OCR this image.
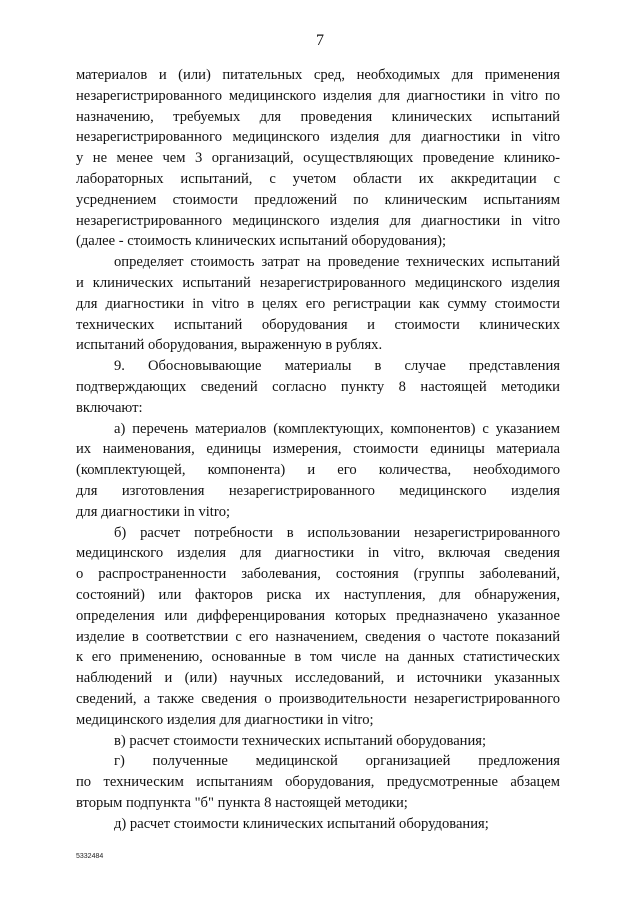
7

материалов и (или) питательных сред, необходимых для применения
незарегистрированного медицинского изделия для диагностики in vitro по
назначению, требуемых для проведения клинических испытаний
незарегистрированного медицинского изделия для диагностики in vitro
у не менее чем 3 организаций, осуществляющих проведение клинико-
лабораторных испытаний, с учетом области их аккредитации с
усреднением стоимости предложений по клиническим испытаниям
незарегистрированного медицинского изделия для диагностики in vitro
(далее - стоимость клинических испытаний оборудования);

определяет стоимость затрат на проведение технических испытаний
и клинических испытаний незарегистрированного медицинского изделия
для диагностики in vitro в целях его регистрации как сумму стоимости
технических испытаний оборудования и стоимости клинических
испытаний оборудования, выраженную в рублях.

9. Обосновывающие материалы в случае представления
подтверждающих сведений согласно пункту 8 настоящей методики
включают:

а) перечень материалов (комплектующих, компонентов) с указанием
их наименования, единицы измерения, стоимости единицы материала
(комплектующей, компонента) и его количества, необходимого
для изготовления незарегистрированного медицинского изделия
для диагностики in vitro;

б) расчет потребности в использовании незарегистрированного
медицинского изделия для диагностики in vitro, включая сведения
о распространенности заболевания, состояния (группы заболеваний,
состояний) или факторов риска их наступления, для обнаружения,
определения или дифференцирования которых предназначено указанное
изделие в соответствии с его назначением, сведения о частоте показаний
к его применению, основанные в том числе на данных статистических
наблюдений и (или) научных исследований, и источники указанных
сведений, а также сведения о производительности незарегистрированного
медицинского изделия для диагностики in vitro;

в) расчет стоимости технических испытаний оборудования;

г) полученные медицинской организацией предложения
по техническим испытаниям оборудования, предусмотренные абзацем
вторым подпункта "б" пункта 8 настоящей методики;

д) расчет стоимости клинических испытаний оборудования;

5332484
